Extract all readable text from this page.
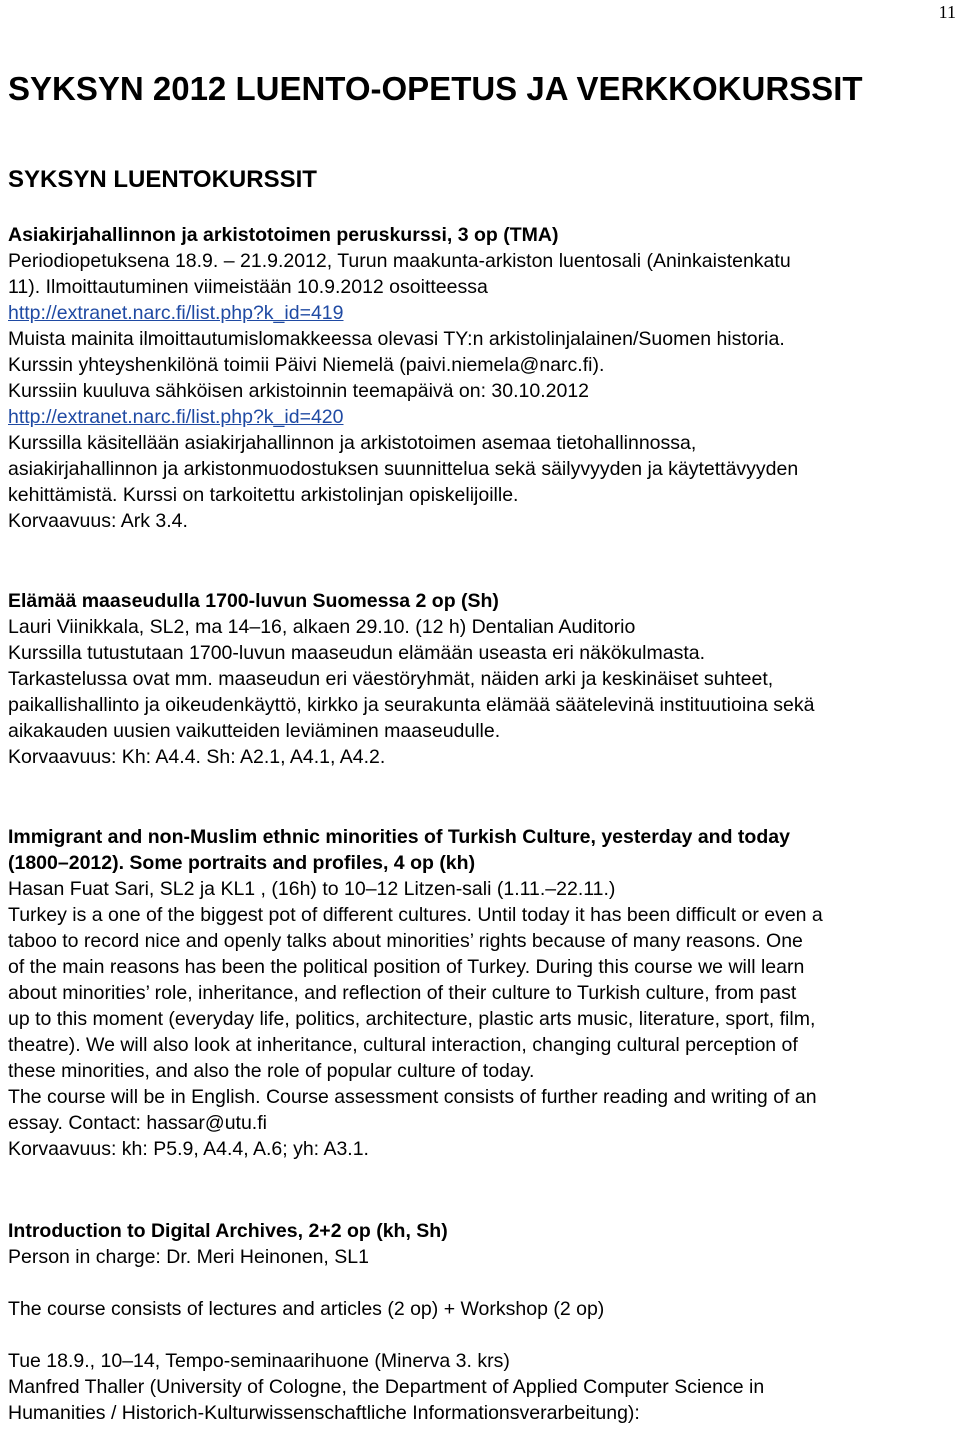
11
SYKSYN 2012 LUENTO-OPETUS JA VERKKOKURSSIT
SYKSYN LUENTOKURSSIT
Asiakirjahallinnon ja arkistotoimen peruskurssi, 3 op (TMA)
Periodiopetuksena 18.9. – 21.9.2012, Turun maakunta-arkiston luentosali (Aninkaistenkatu
11). Ilmoittautuminen viimeistään 10.9.2012 osoitteessa
http://extranet.narc.fi/list.php?k_id=419
Muista mainita ilmoittautumislomakkeessa olevasi TY:n arkistolinjalainen/Suomen historia.
Kurssin yhteyshenkilönä toimii Päivi Niemelä (paivi.niemela@narc.fi).
Kurssiin kuuluva sähköisen arkistoinnin teemapäivä on: 30.10.2012
http://extranet.narc.fi/list.php?k_id=420
Kurssilla käsitellään asiakirjahallinnon ja arkistotoimen asemaa tietohallinnossa,
asiakirjahallinnon ja arkistonmuodostuksen suunnittelua sekä säilyvyyden ja käytettävyyden
kehittämistä. Kurssi on tarkoitettu arkistolinjan opiskelijoille.
Korvaavuus: Ark 3.4.
Elämää maaseudulla 1700-luvun Suomessa 2 op (Sh)
Lauri Viinikkala, SL2, ma 14–16, alkaen 29.10. (12 h) Dentalian Auditorio
Kurssilla tutustutaan 1700-luvun maaseudun elämään useasta eri näkökulmasta.
Tarkastelussa ovat mm. maaseudun eri väestöryhmät, näiden arki ja keskinäiset suhteet,
paikallishallinto ja oikeudenkäyttö, kirkko ja seurakunta elämää säätelevinä instituutioina sekä
aikakauden uusien vaikutteiden leviäminen maaseudulle.
Korvaavuus: Kh: A4.4. Sh: A2.1, A4.1, A4.2.
Immigrant and non-Muslim ethnic minorities of Turkish Culture, yesterday and today
(1800–2012). Some portraits and profiles, 4 op (kh)
Hasan Fuat Sari, SL2 ja KL1 , (16h) to 10–12 Litzen-sali (1.11.–22.11.)
Turkey is a one of the biggest pot of different cultures. Until today it has been difficult or even a
taboo to record nice and openly talks about minorities’ rights because of many reasons. One
of the main reasons has been the political position of Turkey. During this course we will learn
about minorities’ role, inheritance, and reflection of their culture to Turkish culture, from past
up to this moment (everyday life, politics, architecture, plastic arts music, literature, sport, film,
theatre). We will also look at inheritance, cultural interaction, changing cultural perception of
these minorities, and also the role of popular culture of today.
The course will be in English. Course assessment consists of further reading and writing of an
essay. Contact: hassar@utu.fi
Korvaavuus: kh: P5.9, A4.4, A.6; yh: A3.1.
Introduction to Digital Archives, 2+2 op (kh, Sh)
Person in charge: Dr. Meri Heinonen, SL1
The course consists of lectures and articles (2 op) + Workshop (2 op)
Tue 18.9., 10–14, Tempo-seminaarihuone (Minerva 3. krs)
Manfred Thaller (University of Cologne, the Department of Applied Computer Science in
Humanities / Historich-Kulturwissenschaftliche Informationsverarbeitung):
